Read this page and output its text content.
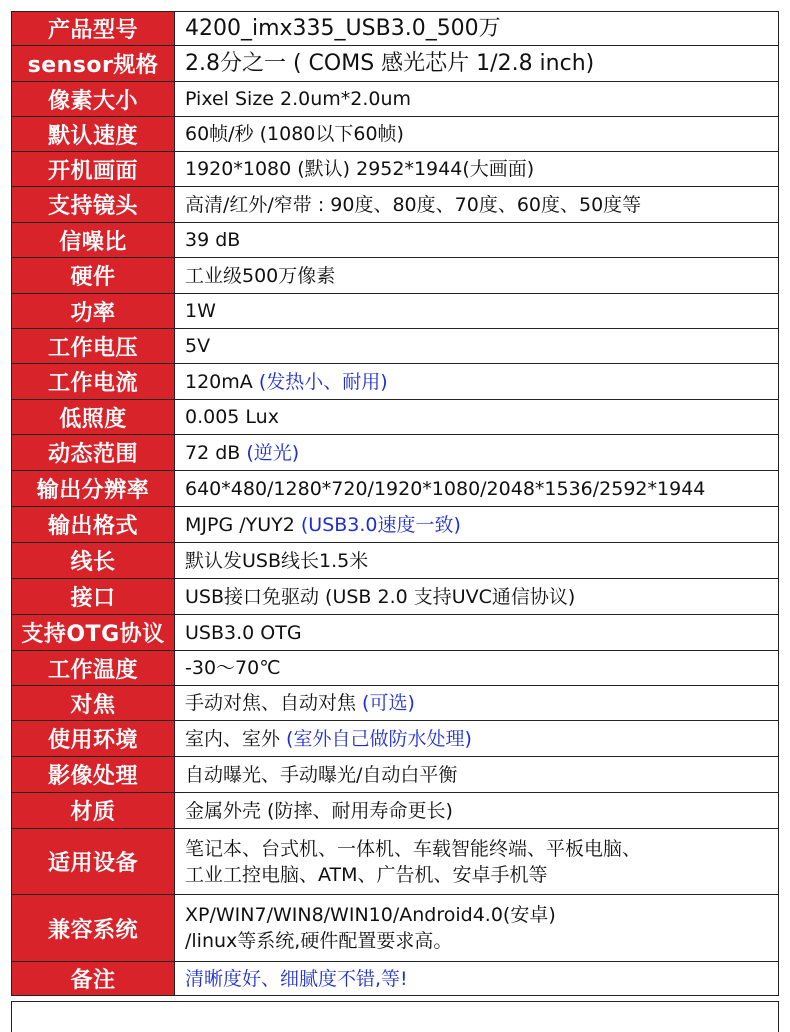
产品型号	4200_imx335_USB3.0_500万
sensor规格	2.8分之一 ( COMS 感光芯片 1/2.8 inch)
像素大小	Pixel Size 2.0um*2.0um
默认速度	60帧/秒 (1080以下60帧)
开机画面	1920*1080 (默认) 2952*1944(大画面)
支持镜头	高清/红外/窄带 : 90度、80度、70度、60度、50度等
信噪比	39 dB
硬件	工业级500万像素
功率	1W
工作电压	5V
工作电流	120mA (发热小、耐用)
低照度	0.005 Lux
动态范围	72 dB (逆光)
输出分辨率	640*480/1280*720/1920*1080/2048*1536/2592*1944
输出格式	MJPG /YUY2 (USB3.0速度一致)
线长	默认发USB线长1.5米
接口	USB接口免驱动 (USB 2.0 支持UVC通信协议)
支持OTG协议	USB3.0 OTG
工作温度	-30～70℃
对焦	手动对焦、自动对焦 (可选)
使用环境	室内、室外 (室外自己做防水处理)
影像处理	自动曝光、手动曝光/自动白平衡
材质	金属外壳 (防摔、耐用寿命更长)
适用设备	笔记本、台式机、一体机、车载智能终端、平板电脑、
工业工控电脑、ATM、广告机、安卓手机等

兼容系统	XP/WIN7/WIN8/WIN10/Android4.0(安卓)
/linux等系统,硬件配置要求高。

备注	清晰度好、细腻度不错,等!
